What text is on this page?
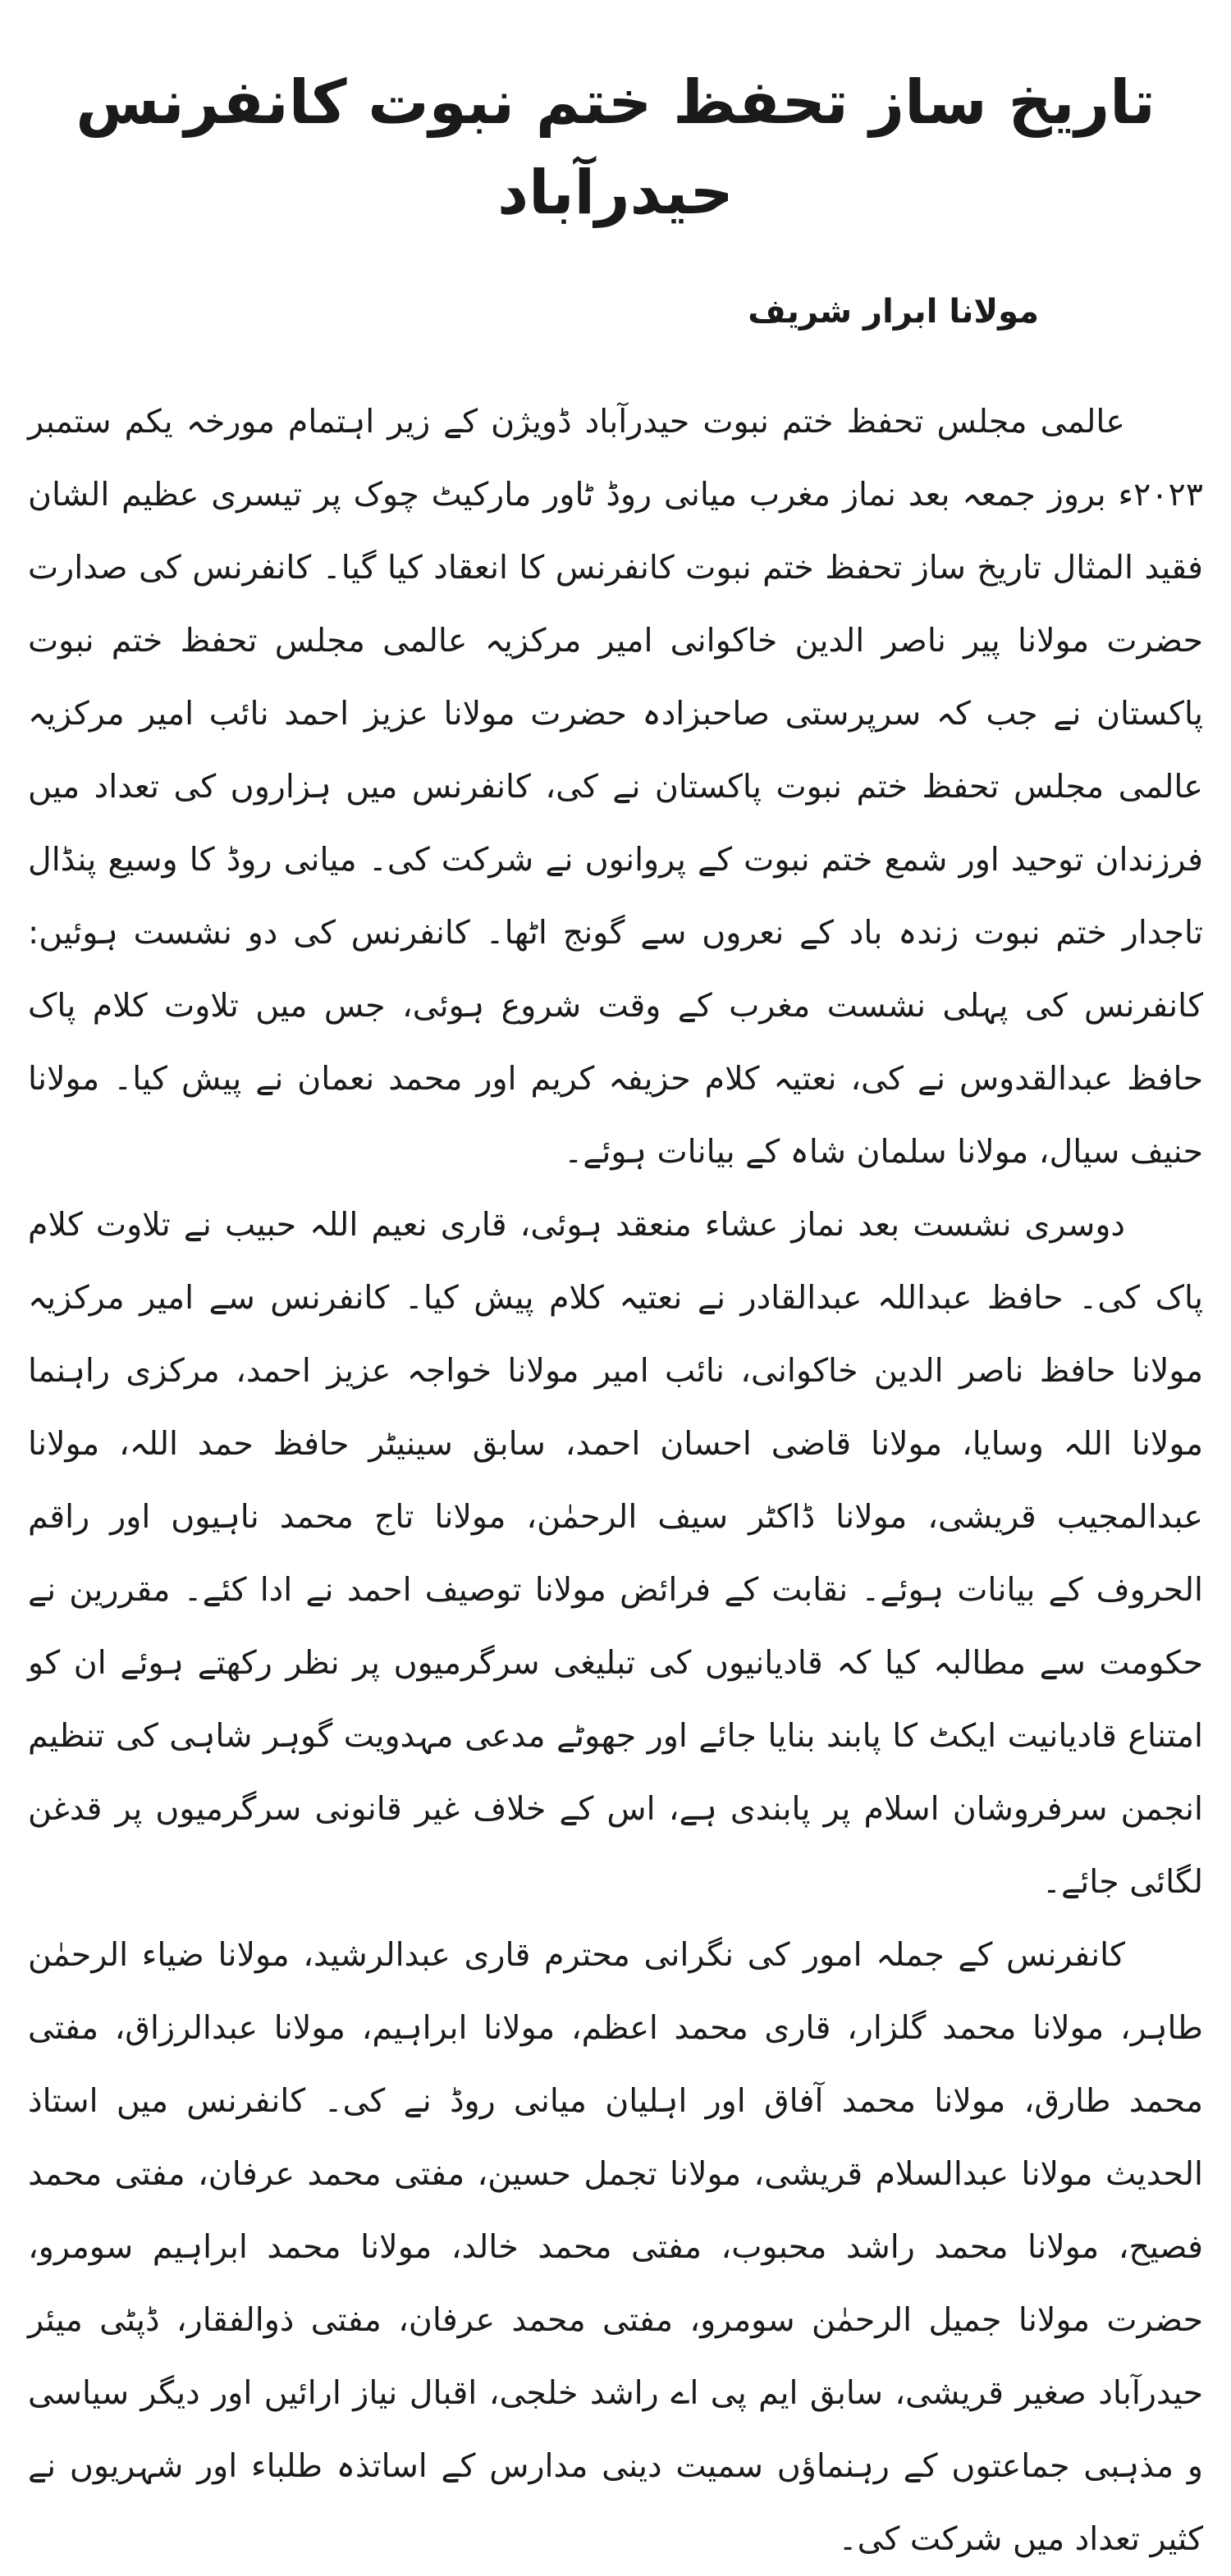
تاریخ ساز تحفظ ختم نبوت کانفرنس حیدرآباد
مولانا ابرار شریف

عالمی مجلس تحفظ ختم نبوت حیدرآباد ڈویژن کے زیر اہتمام مورخہ یکم ستمبر ۲۰۲۳ء بروز جمعہ بعد نماز مغرب میانی روڈ ٹاور مارکیٹ چوک پر تیسری عظیم الشان فقید المثال تاریخ ساز تحفظ ختم نبوت کانفرنس کا انعقاد کیا گیا۔ کانفرنس کی صدارت حضرت مولانا پیر ناصر الدین خاکوانی امیر مرکزیہ عالمی مجلس تحفظ ختم نبوت پاکستان نے جب کہ سرپرستی صاحبزادہ حضرت مولانا عزیز احمد نائب امیر مرکزیہ عالمی مجلس تحفظ ختم نبوت پاکستان نے کی، کانفرنس میں ہزاروں کی تعداد میں فرزندان توحید اور شمع ختم نبوت کے پروانوں نے شرکت کی۔ میانی روڈ کا وسیع پنڈال تاجدار ختم نبوت زندہ باد کے نعروں سے گونج اٹھا۔ کانفرنس کی دو نشست ہوئیں: کانفرنس کی پہلی نشست مغرب کے وقت شروع ہوئی، جس میں تلاوت کلام پاک حافظ عبدالقدوس نے کی، نعتیہ کلام حزیفہ کریم اور محمد نعمان نے پیش کیا۔ مولانا حنیف سیال، مولانا سلمان شاہ کے بیانات ہوئے۔

دوسری نشست بعد نماز عشاء منعقد ہوئی، قاری نعیم اللہ حبیب نے تلاوت کلام پاک کی۔ حافظ عبداللہ عبدالقادر نے نعتیہ کلام پیش کیا۔ کانفرنس سے امیر مرکزیہ مولانا حافظ ناصر الدین خاکوانی، نائب امیر مولانا خواجہ عزیز احمد، مرکزی راہنما مولانا اللہ وسایا، مولانا قاضی احسان احمد، سابق سینیٹر حافظ حمد اللہ، مولانا عبدالمجیب قریشی، مولانا ڈاکٹر سیف الرحمٰن، مولانا تاج محمد ناہیوں اور راقم الحروف کے بیانات ہوئے۔ نقابت کے فرائض مولانا توصیف احمد نے ادا کئے۔ مقررین نے حکومت سے مطالبہ کیا کہ قادیانیوں کی تبلیغی سرگرمیوں پر نظر رکھتے ہوئے ان کو امتناع قادیانیت ایکٹ کا پابند بنایا جائے اور جھوٹے مدعی مہدویت گوہر شاہی کی تنظیم انجمن سرفروشان اسلام پر پابندی ہے، اس کے خلاف غیر قانونی سرگرمیوں پر قدغن لگائی جائے۔

کانفرنس کے جملہ امور کی نگرانی محترم قاری عبدالرشید، مولانا ضیاء الرحمٰن طاہر، مولانا محمد گلزار، قاری محمد اعظم، مولانا ابراہیم، مولانا عبدالرزاق، مفتی محمد طارق، مولانا محمد آفاق اور اہلیان میانی روڈ نے کی۔ کانفرنس میں استاذ الحدیث مولانا عبدالسلام قریشی، مولانا تجمل حسین، مفتی محمد عرفان، مفتی محمد فصیح، مولانا محمد راشد محبوب، مفتی محمد خالد، مولانا محمد ابراہیم سومرو، حضرت مولانا جمیل الرحمٰن سومرو، مفتی محمد عرفان، مفتی ذوالفقار، ڈپٹی میئر حیدرآباد صغیر قریشی، سابق ایم پی اے راشد خلجی، اقبال نیاز ارائیں اور دیگر سیاسی و مذہبی جماعتوں کے رہنماؤں سمیت دینی مدارس کے اساتذہ طلباء اور شہریوں نے کثیر تعداد میں شرکت کی۔
